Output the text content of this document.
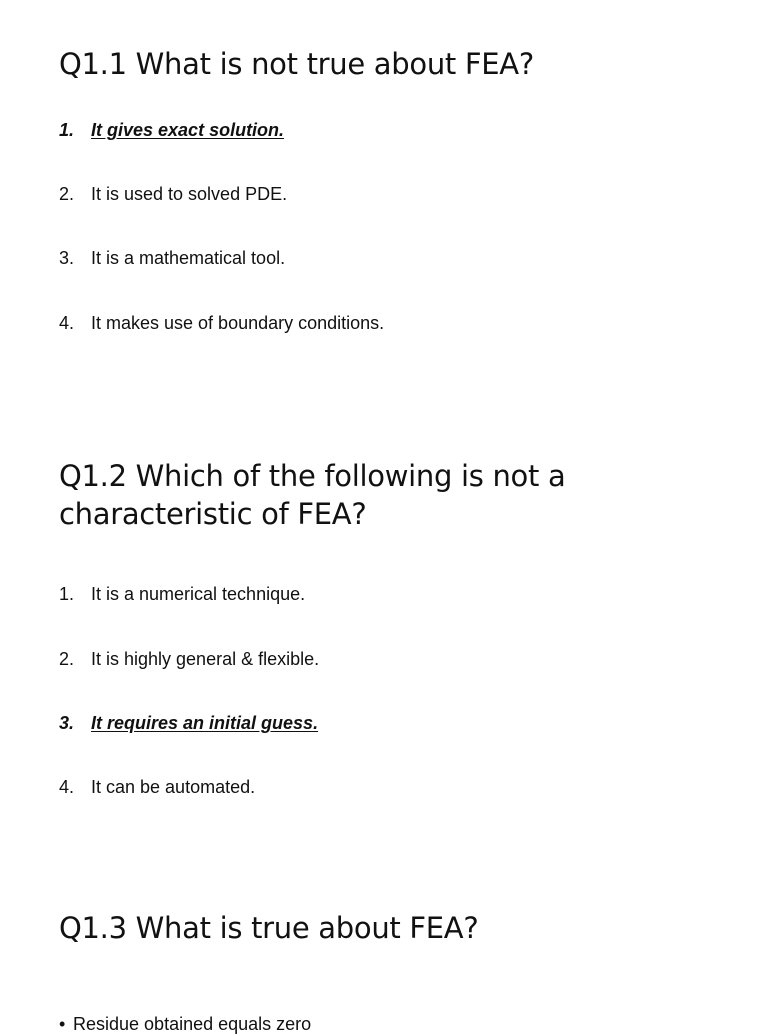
Q1.1 What is not true about FEA?
1. It gives exact solution.
2. It is used to solved PDE.
3. It is a mathematical tool.
4. It makes use of boundary conditions.
Q1.2 Which of the following is not a
characteristic of FEA?
1. It is a numerical technique.
2. It is highly general & flexible.
3. It requires an initial guess.
4. It can be automated.
Q1.3 What is true about FEA?
• Residue obtained equals zero
